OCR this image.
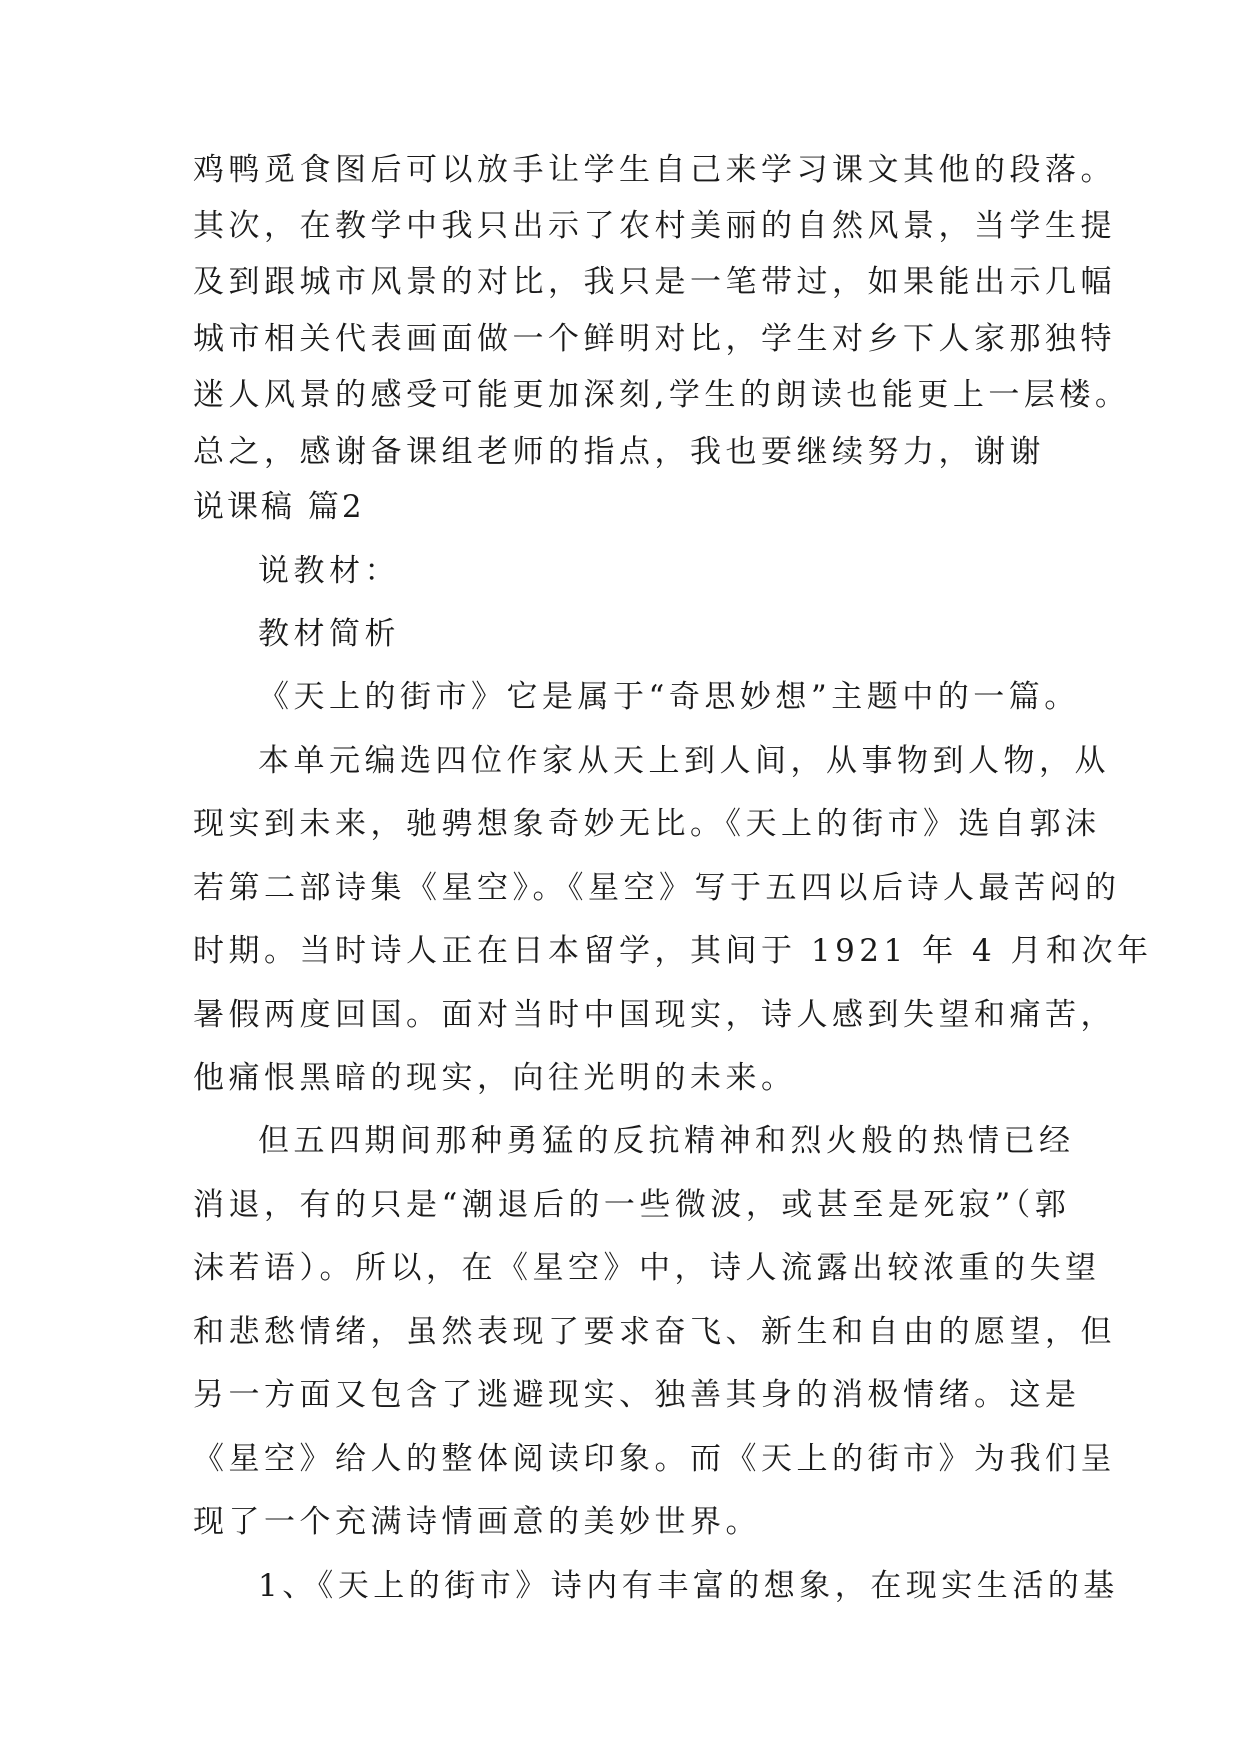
鸡鸭觅食图后可以放手让学生自己来学习课文其他的段落。
其次，在教学中我只出示了农村美丽的自然风景，当学生提
及到跟城市风景的对比，我只是一笔带过，如果能出示几幅
城市相关代表画面做一个鲜明对比，学生对乡下人家那独特
迷人风景的感受可能更加深刻,学生的朗读也能更上一层楼。
总之，感谢备课组老师的指点，我也要继续努力，谢谢
说课稿 篇2
说教材：
教材简析
《天上的街市》它是属于“奇思妙想”主题中的一篇。
本单元编选四位作家从天上到人间，从事物到人物，从
现实到未来，驰骋想象奇妙无比。《天上的街市》选自郭沫
若第二部诗集《星空》。《星空》写于五四以后诗人最苦闷的
时期。当时诗人正在日本留学，其间于 1921 年 4 月和次年
暑假两度回国。面对当时中国现实，诗人感到失望和痛苦，
他痛恨黑暗的现实，向往光明的未来。
但五四期间那种勇猛的反抗精神和烈火般的热情已经
消退，有的只是“潮退后的一些微波，或甚至是死寂”（郭
沫若语）。所以，在《星空》中，诗人流露出较浓重的失望
和悲愁情绪，虽然表现了要求奋飞、新生和自由的愿望，但
另一方面又包含了逃避现实、独善其身的消极情绪。这是
《星空》给人的整体阅读印象。而《天上的街市》为我们呈
现了一个充满诗情画意的美妙世界。
1、《天上的街市》诗内有丰富的想象，在现实生活的基
